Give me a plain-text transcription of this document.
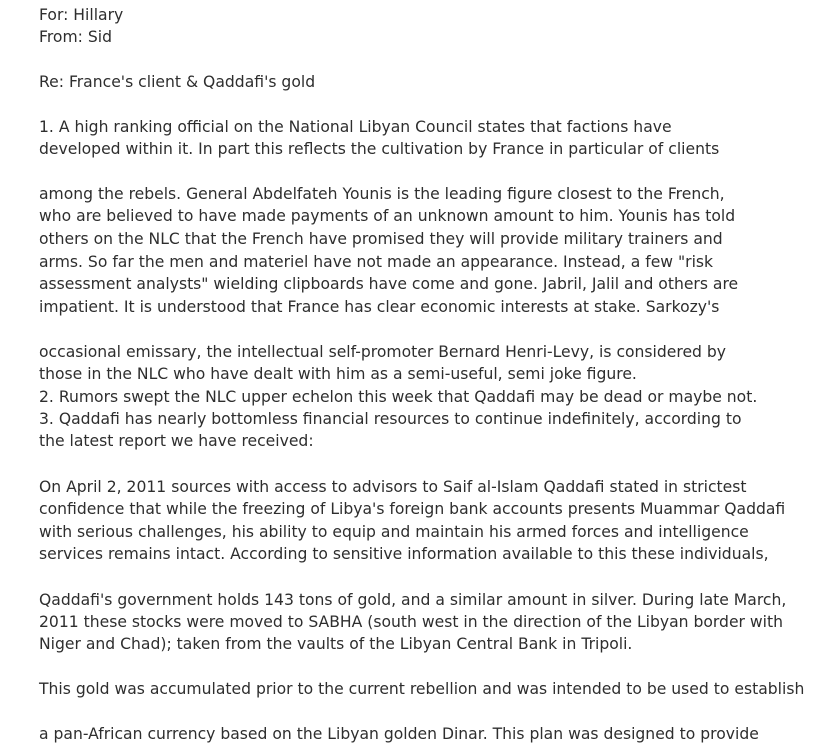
For: Hillary
From: Sid
Re: France's client & Qaddafi's gold
1. A high ranking official on the National Libyan Council states that factions have
developed within it. In part this reflects the cultivation by France in particular of clients
among the rebels. General Abdelfateh Younis is the leading figure closest to the French,
who are believed to have made payments of an unknown amount to him. Younis has told
others on the NLC that the French have promised they will provide military trainers and
arms. So far the men and materiel have not made an appearance. Instead, a few "risk
assessment analysts" wielding clipboards have come and gone. Jabril, Jalil and others are
impatient. It is understood that France has clear economic interests at stake. Sarkozy's
occasional emissary, the intellectual self-promoter Bernard Henri-Levy, is considered by
those in the NLC who have dealt with him as a semi-useful, semi joke figure.
2. Rumors swept the NLC upper echelon this week that Qaddafi may be dead or maybe not.
3. Qaddafi has nearly bottomless financial resources to continue indefinitely, according to
the latest report we have received:
On April 2, 2011 sources with access to advisors to Saif al-Islam Qaddafi stated in strictest
confidence that while the freezing of Libya's foreign bank accounts presents Muammar Qaddafi
with serious challenges, his ability to equip and maintain his armed forces and intelligence
services remains intact. According to sensitive information available to this these individuals,
Qaddafi's government holds 143 tons of gold, and a similar amount in silver. During late March,
2011 these stocks were moved to SABHA (south west in the direction of the Libyan border with
Niger and Chad); taken from the vaults of the Libyan Central Bank in Tripoli.
This gold was accumulated prior to the current rebellion and was intended to be used to establish
a pan-African currency based on the Libyan golden Dinar. This plan was designed to provide
